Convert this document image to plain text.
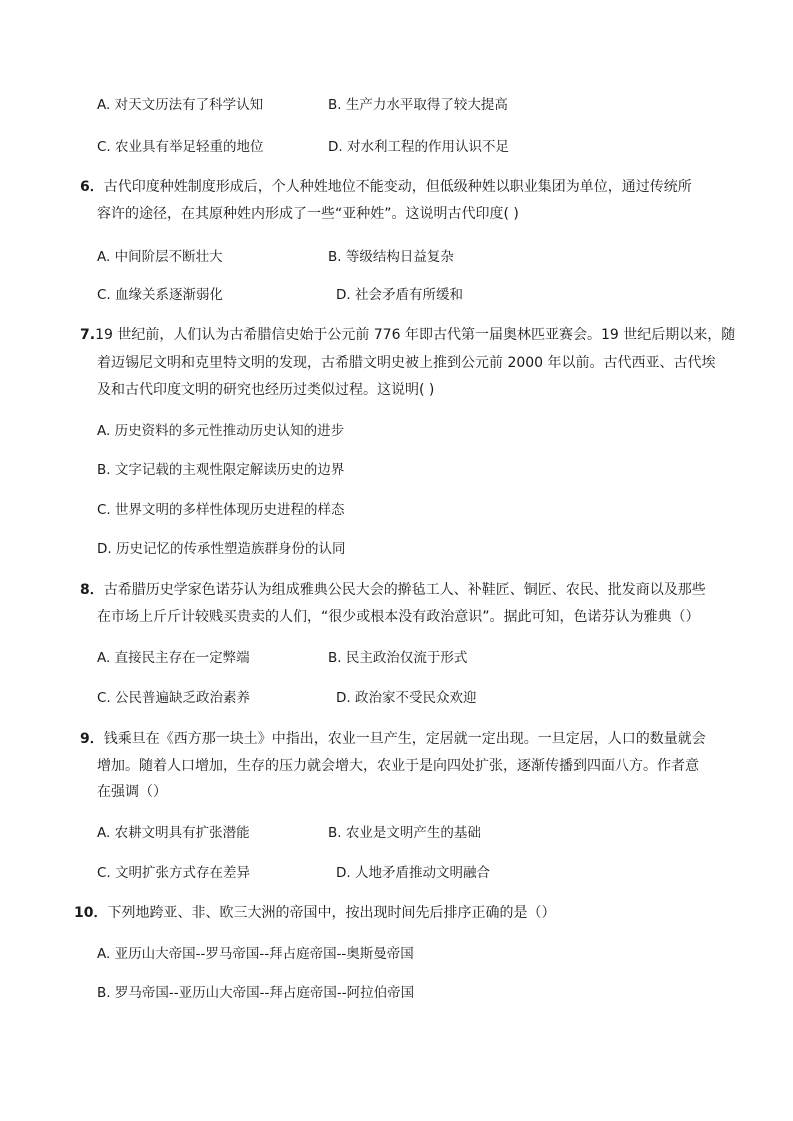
A. 对天文历法有了科学认知	B. 生产力水平取得了较大提高
C. 农业具有举足轻重的地位	D. 对水利工程的作用认识不足
6．古代印度种姓制度形成后，个人种姓地位不能变动，但低级种姓以职业集团为单位，通过传统所
容许的途径，在其原种姓内形成了一些“亚种姓”。这说明古代印度( )
A. 中间阶层不断壮大	B. 等级结构日益复杂
C. 血缘关系逐渐弱化	D. 社会矛盾有所缓和
7.19 世纪前，人们认为古希腊信史始于公元前 776 年即古代第一届奥林匹亚赛会。19 世纪后期以来，随
着迈锡尼文明和克里特文明的发现，古希腊文明史被上推到公元前 2000 年以前。古代西亚、古代埃
及和古代印度文明的研究也经历过类似过程。这说明( )
A. 历史资料的多元性推动历史认知的进步
B. 文字记载的主观性限定解读历史的边界
C. 世界文明的多样性体现历史进程的样态
D. 历史记忆的传承性塑造族群身份的认同
8．古希腊历史学家色诺芬认为组成雅典公民大会的擀毡工人、补鞋匠、铜匠、农民、批发商以及那些
在市场上斤斤计较贱买贵卖的人们，“很少或根本没有政治意识”。据此可知，色诺芬认为雅典（）
A. 直接民主存在一定弊端	B. 民主政治仅流于形式
C. 公民普遍缺乏政治素养	D. 政治家不受民众欢迎
9．钱乘旦在《西方那一块土》中指出，农业一旦产生，定居就一定出现。一旦定居，人口的数量就会
增加。随着人口增加，生存的压力就会增大，农业于是向四处扩张，逐渐传播到四面八方。作者意
在强调（）
A. 农耕文明具有扩张潜能	B. 农业是文明产生的基础
C. 文明扩张方式存在差异	D. 人地矛盾推动文明融合
10．下列地跨亚、非、欧三大洲的帝国中，按出现时间先后排序正确的是（）
A. 亚历山大帝国--罗马帝国--拜占庭帝国--奥斯曼帝国
B. 罗马帝国--亚历山大帝国--拜占庭帝国--阿拉伯帝国
